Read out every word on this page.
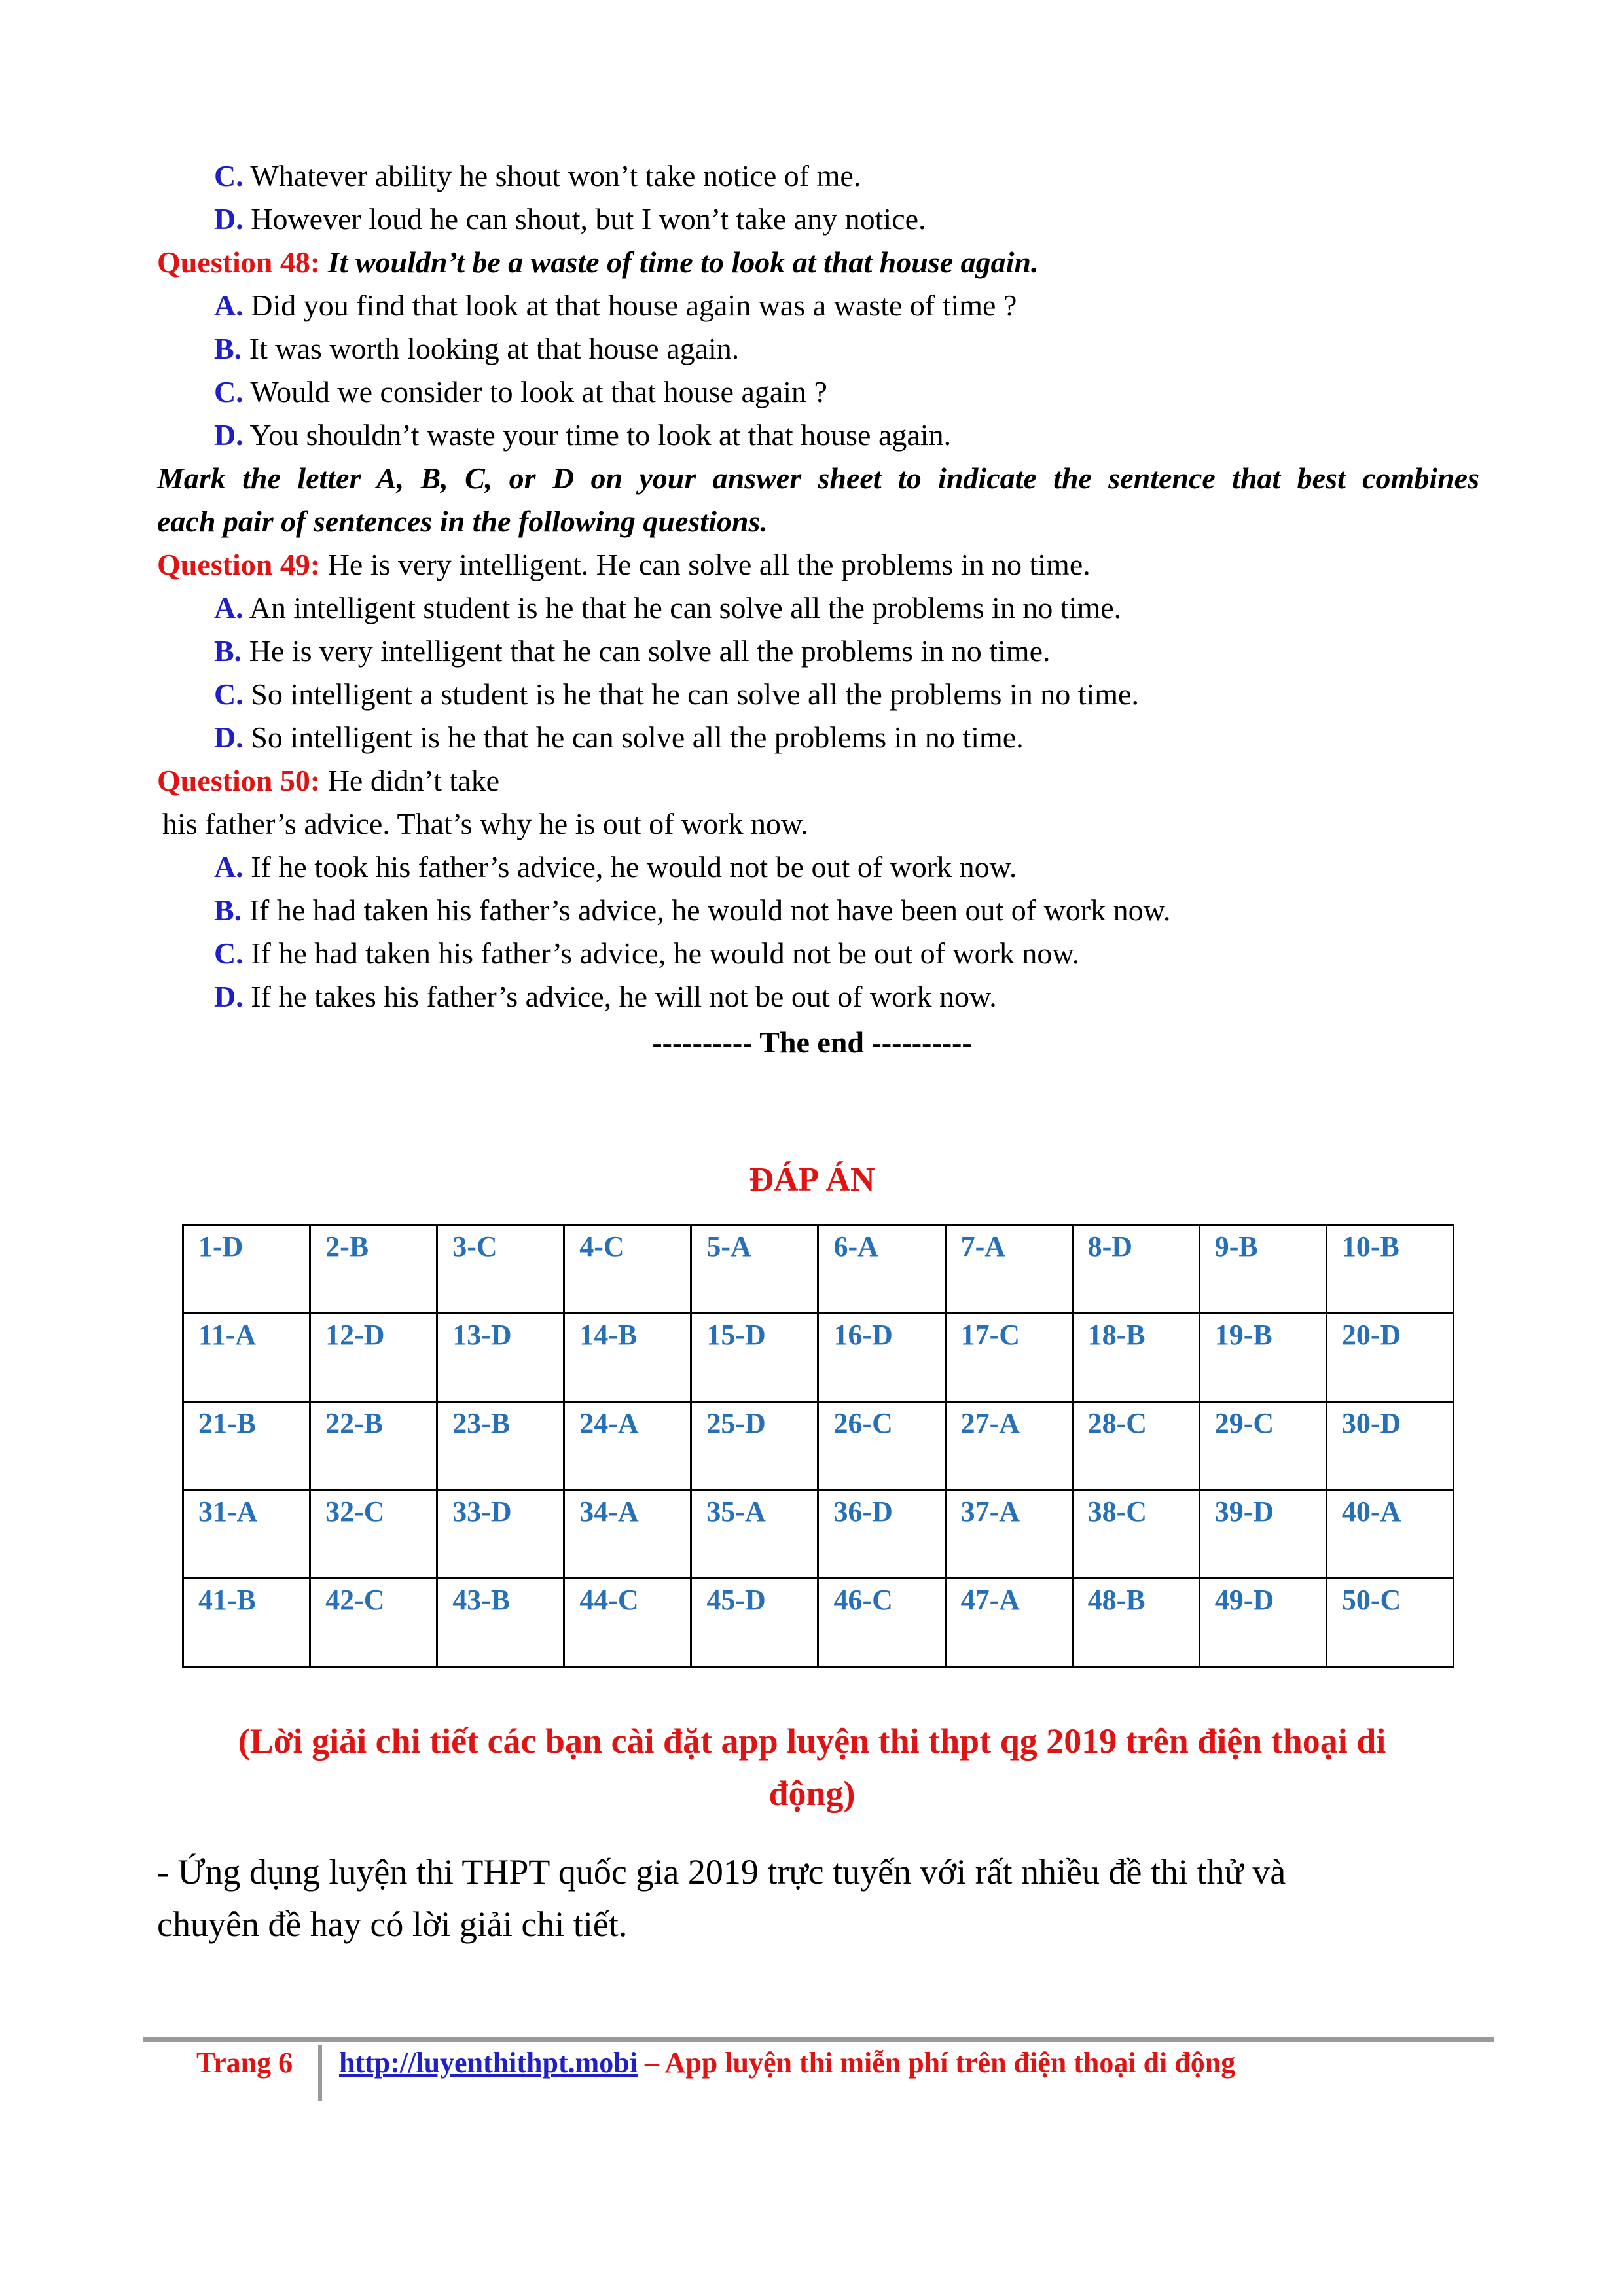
C. Whatever ability he shout won’t take notice of me.
D. However loud he can shout, but I won’t take any notice.
Question 48: It wouldn’t be a waste of time to look at that house again.
A. Did you find that look at that house again was a waste of time ?
B. It was worth looking at that house again.
C. Would we consider to look at that house again ?
D. You shouldn’t waste your time to look at that house again.
Mark the letter A, B, C, or D on your answer sheet to indicate the sentence that best combines
each pair of sentences in the following questions.
Question 49: He is very intelligent. He can solve all the problems in no time.
A. An intelligent student is he that he can solve all the problems in no time.
B. He is very intelligent that he can solve all the problems in no time.
C. So intelligent a student is he that he can solve all the problems in no time.
D. So intelligent is he that he can solve all the problems in no time.
Question 50: He didn’t take
his father’s advice. That’s why he is out of work now.
A. If he took his father’s advice, he would not be out of work now.
B. If he had taken his father’s advice, he would not have been out of work now.
C. If he had taken his father’s advice, he would not be out of work now.
D. If he takes his father’s advice, he will not be out of work now.
---------- The end ----------
ĐÁP ÁN
1-D	2-B	3-C	4-C	5-A	6-A	7-A	8-D	9-B	10-B
11-A	12-D	13-D	14-B	15-D	16-D	17-C	18-B	19-B	20-D
21-B	22-B	23-B	24-A	25-D	26-C	27-A	28-C	29-C	30-D
31-A	32-C	33-D	34-A	35-A	36-D	37-A	38-C	39-D	40-A
41-B	42-C	43-B	44-C	45-D	46-C	47-A	48-B	49-D	50-C
(Lời giải chi tiết các bạn cài đặt app luyện thi thpt qg 2019 trên điện thoại di
động)
- Ứng dụng luyện thi THPT quốc gia 2019 trực tuyến với rất nhiều đề thi thử và
chuyên đề hay có lời giải chi tiết.
Trang 6 http://luyenthithpt.mobi – App luyện thi miễn phí trên điện thoại di động
